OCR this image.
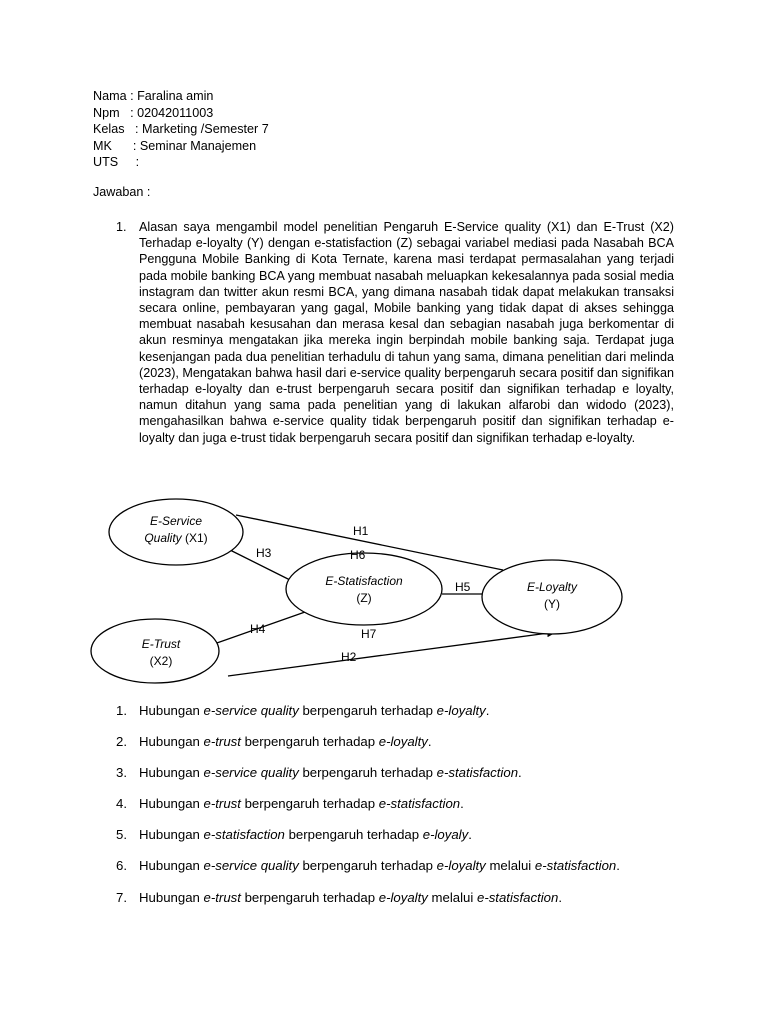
Nama : Faralina amin
Npm : 02042011003
Kelas : Marketing /Semester 7
MK : Seminar Manajemen
UTS :
Jawaban :
1. Alasan saya mengambil model penelitian Pengaruh E-Service quality (X1) dan E-Trust (X2) Terhadap e-loyalty (Y) dengan e-statisfaction (Z) sebagai variabel mediasi pada Nasabah BCA Pengguna Mobile Banking di Kota Ternate, karena masi terdapat permasalahan yang terjadi pada mobile banking BCA yang membuat nasabah meluapkan kekesalannya pada sosial media instagram dan twitter akun resmi BCA, yang dimana nasabah tidak dapat melakukan transaksi secara online, pembayaran yang gagal, Mobile banking yang tidak dapat di akses sehingga membuat nasabah kesusahan dan merasa kesal dan sebagian nasabah juga berkomentar di akun resminya mengatakan jika mereka ingin berpindah mobile banking saja. Terdapat juga kesenjangan pada dua penelitian terhadulu di tahun yang sama, dimana penelitian dari melinda (2023), Mengatakan bahwa hasil dari e-service quality berpengaruh secara positif dan signifikan terhadap e-loyalty dan e-trust berpengaruh secara positif dan signifikan terhadap e loyalty, namun ditahun yang sama pada penelitian yang di lakukan alfarobi dan widodo (2023), mengahasilkan bahwa e-service quality tidak berpengaruh positif dan signifikan terhadap e-loyalty dan juga e-trust tidak berpengaruh secara positif dan signifikan terhadap e-loyalty.
E-Service
Quality (X1)
E-Trust
(X2)
E-Statisfaction
(Z)
E-Loyalty
(Y)
H1
H6
H3
H5
H4	H7
H2
1. Hubungan e-service quality berpengaruh terhadap e-loyalty.
2. Hubungan e-trust berpengaruh terhadap e-loyalty.
3. Hubungan e-service quality berpengaruh terhadap e-statisfaction.
4. Hubungan e-trust berpengaruh terhadap e-statisfaction.
5. Hubungan e-statisfaction berpengaruh terhadap e-loyaly.
6. Hubungan e-service quality berpengaruh terhadap e-loyalty melalui e-statisfaction.
7. Hubungan e-trust berpengaruh terhadap e-loyalty melalui e-statisfaction.
